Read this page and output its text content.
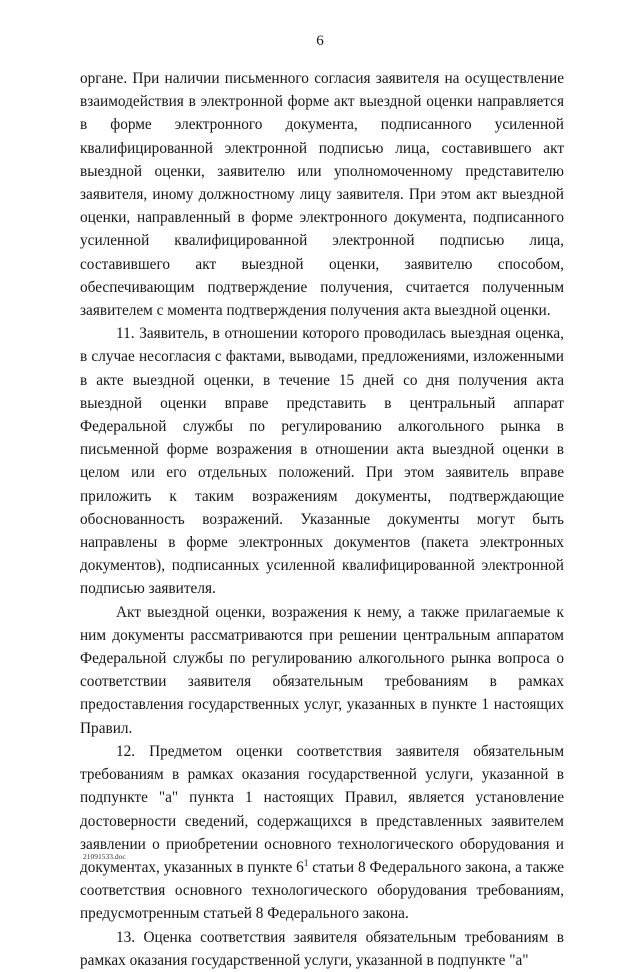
6

органе. При наличии письменного согласия заявителя на осуществление взаимодействия в электронной форме акт выездной оценки направляется в форме электронного документа, подписанного усиленной квалифицированной электронной подписью лица, составившего акт выездной оценки, заявителю или уполномоченному представителю заявителя, иному должностному лицу заявителя. При этом акт выездной оценки, направленный в форме электронного документа, подписанного усиленной квалифицированной электронной подписью лица, составившего акт выездной оценки, заявителю способом, обеспечивающим подтверждение получения, считается полученным заявителем с момента подтверждения получения акта выездной оценки.

11. Заявитель, в отношении которого проводилась выездная оценка, в случае несогласия с фактами, выводами, предложениями, изложенными в акте выездной оценки, в течение 15 дней со дня получения акта выездной оценки вправе представить в центральный аппарат Федеральной службы по регулированию алкогольного рынка в письменной форме возражения в отношении акта выездной оценки в целом или его отдельных положений. При этом заявитель вправе приложить к таким возражениям документы, подтверждающие обоснованность возражений. Указанные документы могут быть направлены в форме электронных документов (пакета электронных документов), подписанных усиленной квалифицированной электронной подписью заявителя.

Акт выездной оценки, возражения к нему, а также прилагаемые к ним документы рассматриваются при решении центральным аппаратом Федеральной службы по регулированию алкогольного рынка вопроса о соответствии заявителя обязательным требованиям в рамках предоставления государственных услуг, указанных в пункте 1 настоящих Правил.

12. Предметом оценки соответствия заявителя обязательным требованиям в рамках оказания государственной услуги, указанной в подпункте "а" пункта 1 настоящих Правил, является установление достоверности сведений, содержащихся в представленных заявителем заявлении о приобретении основного технологического оборудования и документах, указанных в пункте $6^1$ статьи 8 Федерального закона, а также соответствия основного технологического оборудования требованиям, предусмотренным статьей 8 Федерального закона.

13. Оценка соответствия заявителя обязательным требованиям в рамках оказания государственной услуги, указанной в подпункте "а"

21091533.doc
